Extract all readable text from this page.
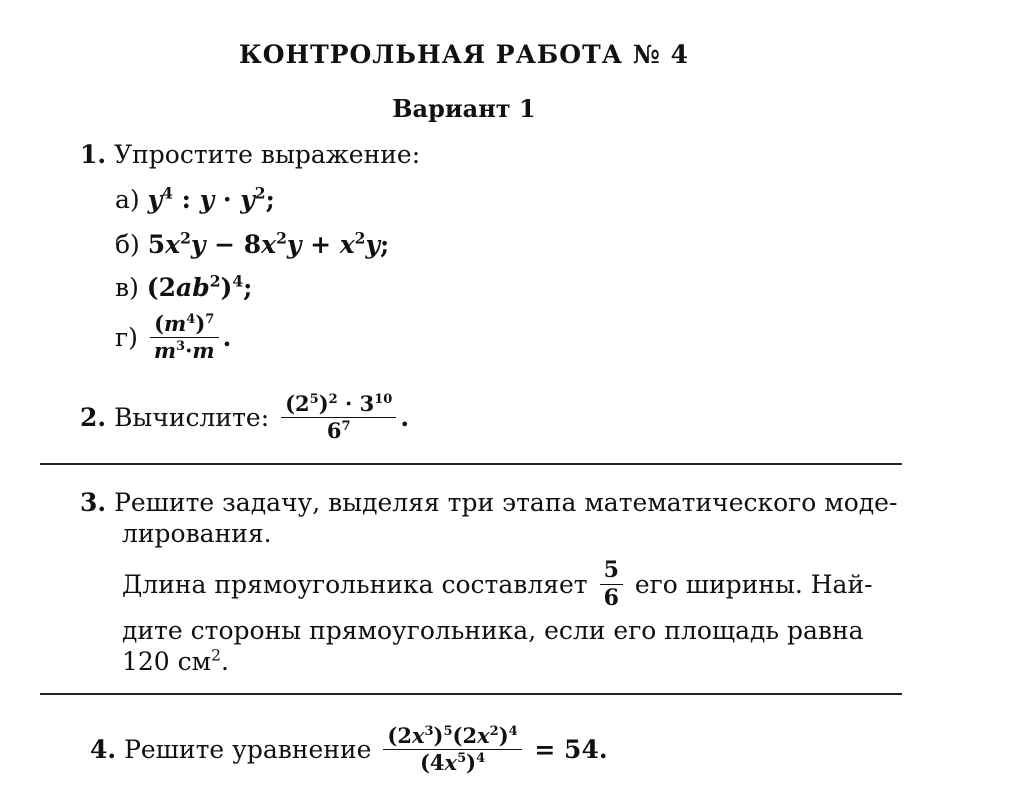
КОНТРОЛЬНАЯ РАБОТА № 4
Вариант 1
1. Упростите выражение:
а) $y^4$ : $y \cdot y^2$;
б) $5x^2y - 8x^2y + x^2y$;
в) $(2ab^2)^4$;
$г) \frac{(m^4)^7}{m^3\cdot m}$ .
2. Вычислите: $\frac{(2^5)^2 \cdot 3^{10}}{6^7}$ .
3. Решите задачу, выделяя три этапа математического моде-
лирования.
Длина прямоугольника составляет $\frac{5}{6}$ его ширины. Най-
дите стороны прямоугольника, если его площадь равна
120 $см^2$.
4. Решите уравнение $\frac{(2x^3)^5(2x^2)^4}{(4x^5)^4} = 54$.
